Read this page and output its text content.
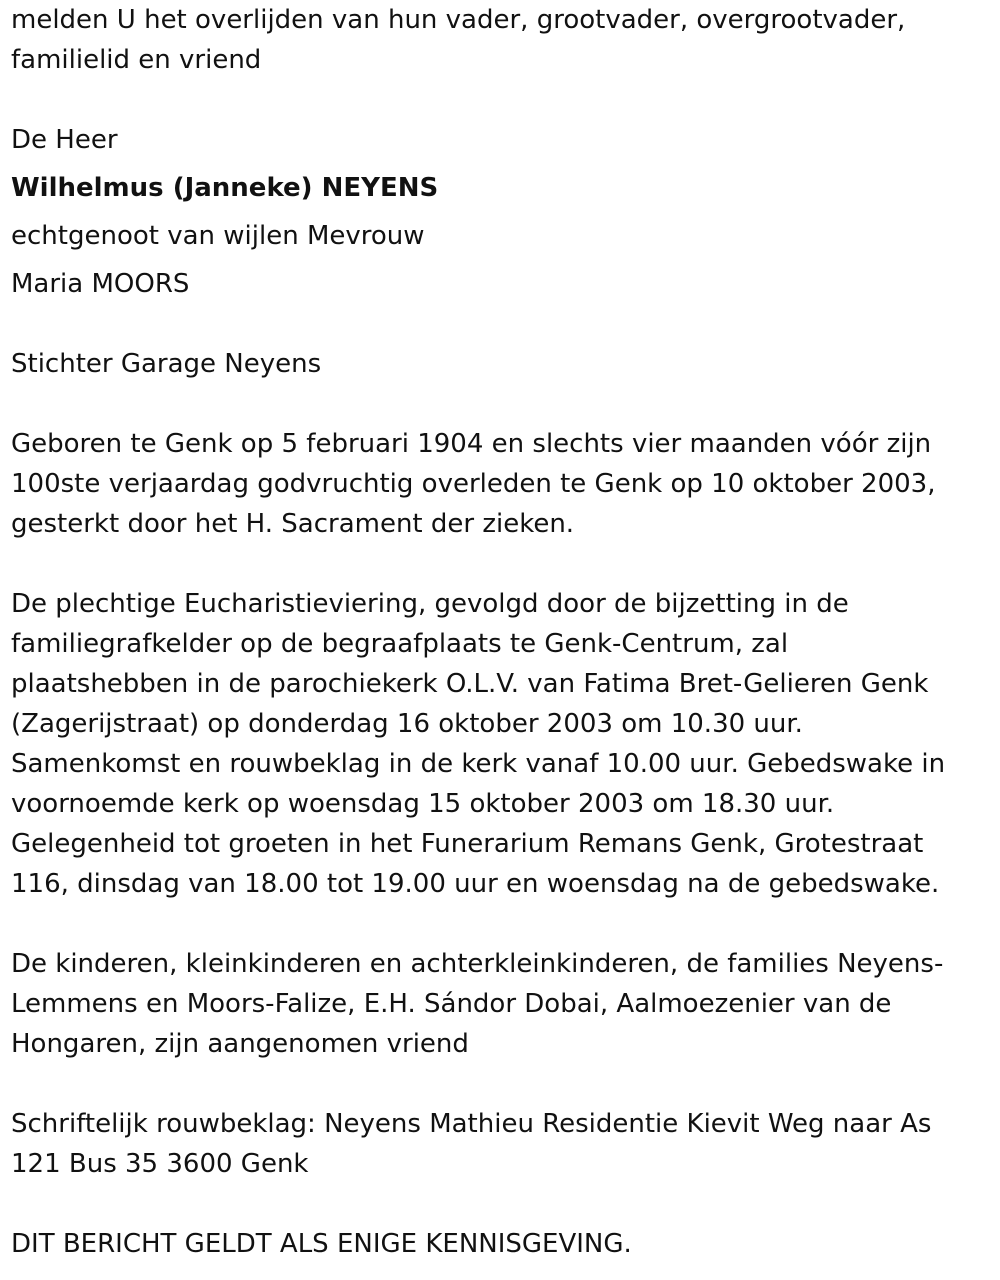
melden U het overlijden van hun vader, grootvader, overgrootvader,
familielid en vriend

De Heer

Wilhelmus (Janneke) NEYENS

echtgenoot van wijlen Mevrouw

Maria MOORS

Stichter Garage Neyens

Geboren te Genk op 5 februari 1904 en slechts vier maanden vóór zijn
100ste verjaardag godvruchtig overleden te Genk op 10 oktober 2003,
gesterkt door het H. Sacrament der zieken.

De plechtige Eucharistieviering, gevolgd door de bijzetting in de
familiegrafkelder op de begraafplaats te Genk-Centrum, zal
plaatshebben in de parochiekerk O.L.V. van Fatima Bret-Gelieren Genk
(Zagerijstraat) op donderdag 16 oktober 2003 om 10.30 uur.
Samenkomst en rouwbeklag in de kerk vanaf 10.00 uur. Gebedswake in
voornoemde kerk op woensdag 15 oktober 2003 om 18.30 uur.
Gelegenheid tot groeten in het Funerarium Remans Genk, Grotestraat
116, dinsdag van 18.00 tot 19.00 uur en woensdag na de gebedswake.

De kinderen, kleinkinderen en achterkleinkinderen, de families Neyens-
Lemmens en Moors-Falize, E.H. Sándor Dobai, Aalmoezenier van de
Hongaren, zijn aangenomen vriend

Schriftelijk rouwbeklag: Neyens Mathieu Residentie Kievit Weg naar As
121 Bus 35 3600 Genk

DIT BERICHT GELDT ALS ENIGE KENNISGEVING.
